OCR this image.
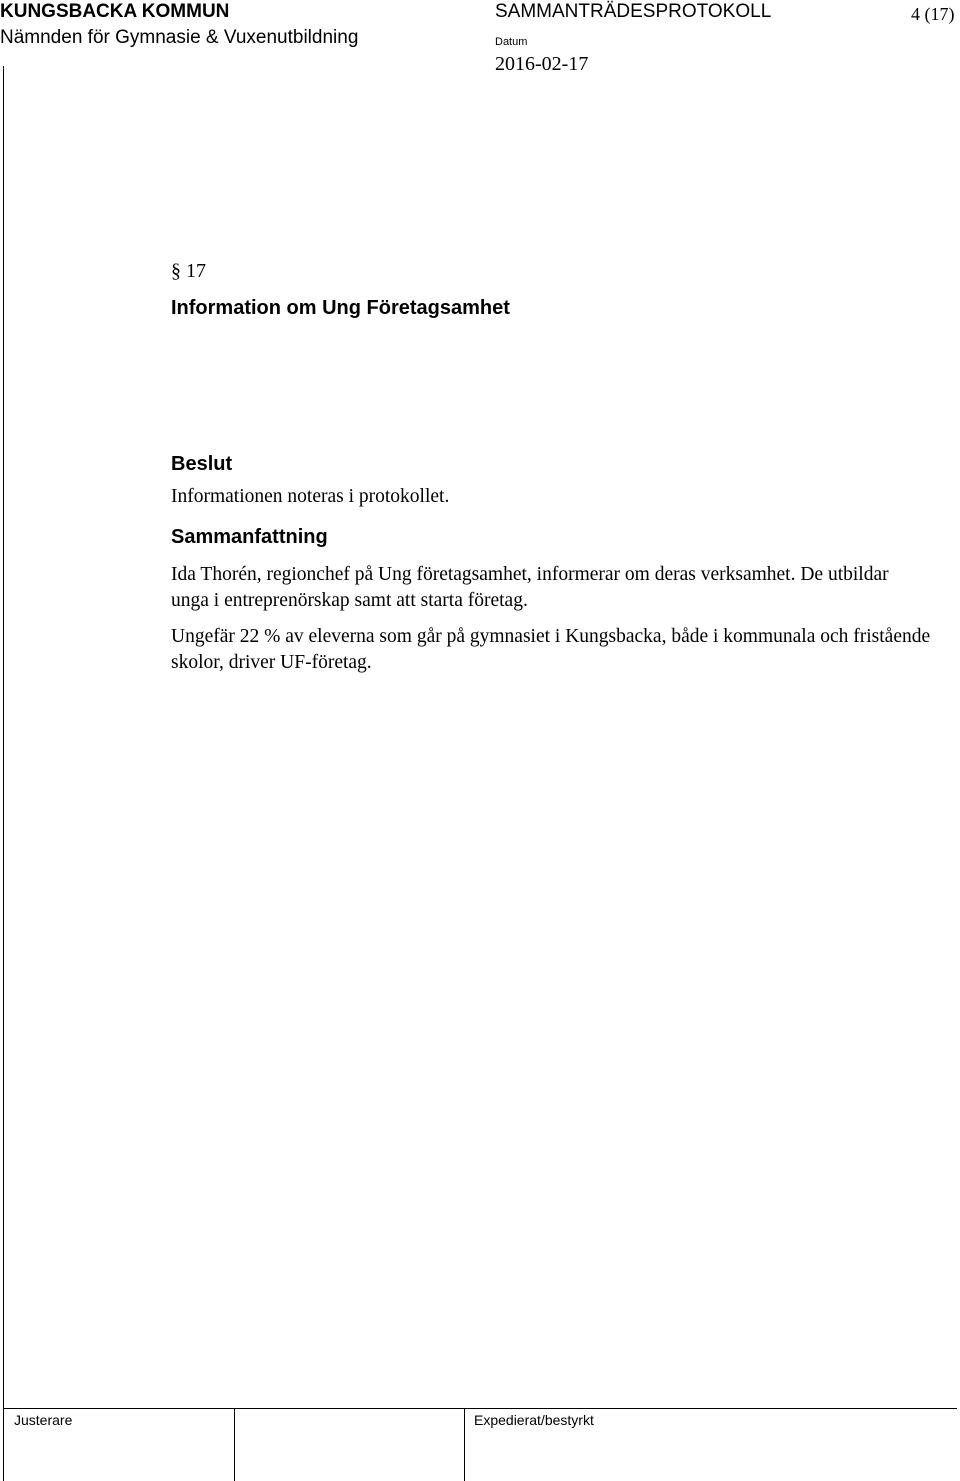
KUNGSBACKA KOMMUN
Nämnden för Gymnasie & Vuxenutbildning
SAMMANTRÄDESPROTOKOLL	4 (17)
Datum
2016-02-17
§ 17
Information om Ung Företagsamhet
Beslut
Informationen noteras i protokollet.
Sammanfattning

Ida Thorén, regionchef på Ung företagsamhet, informerar om deras verksamhet. De utbildar unga i entreprenörskap samt att starta företag.

Ungefär 22 % av eleverna som går på gymnasiet i Kungsbacka, både i kommunala och fristående skolor, driver UF-företag.

Justerare	Expedierat/bestyrkt
